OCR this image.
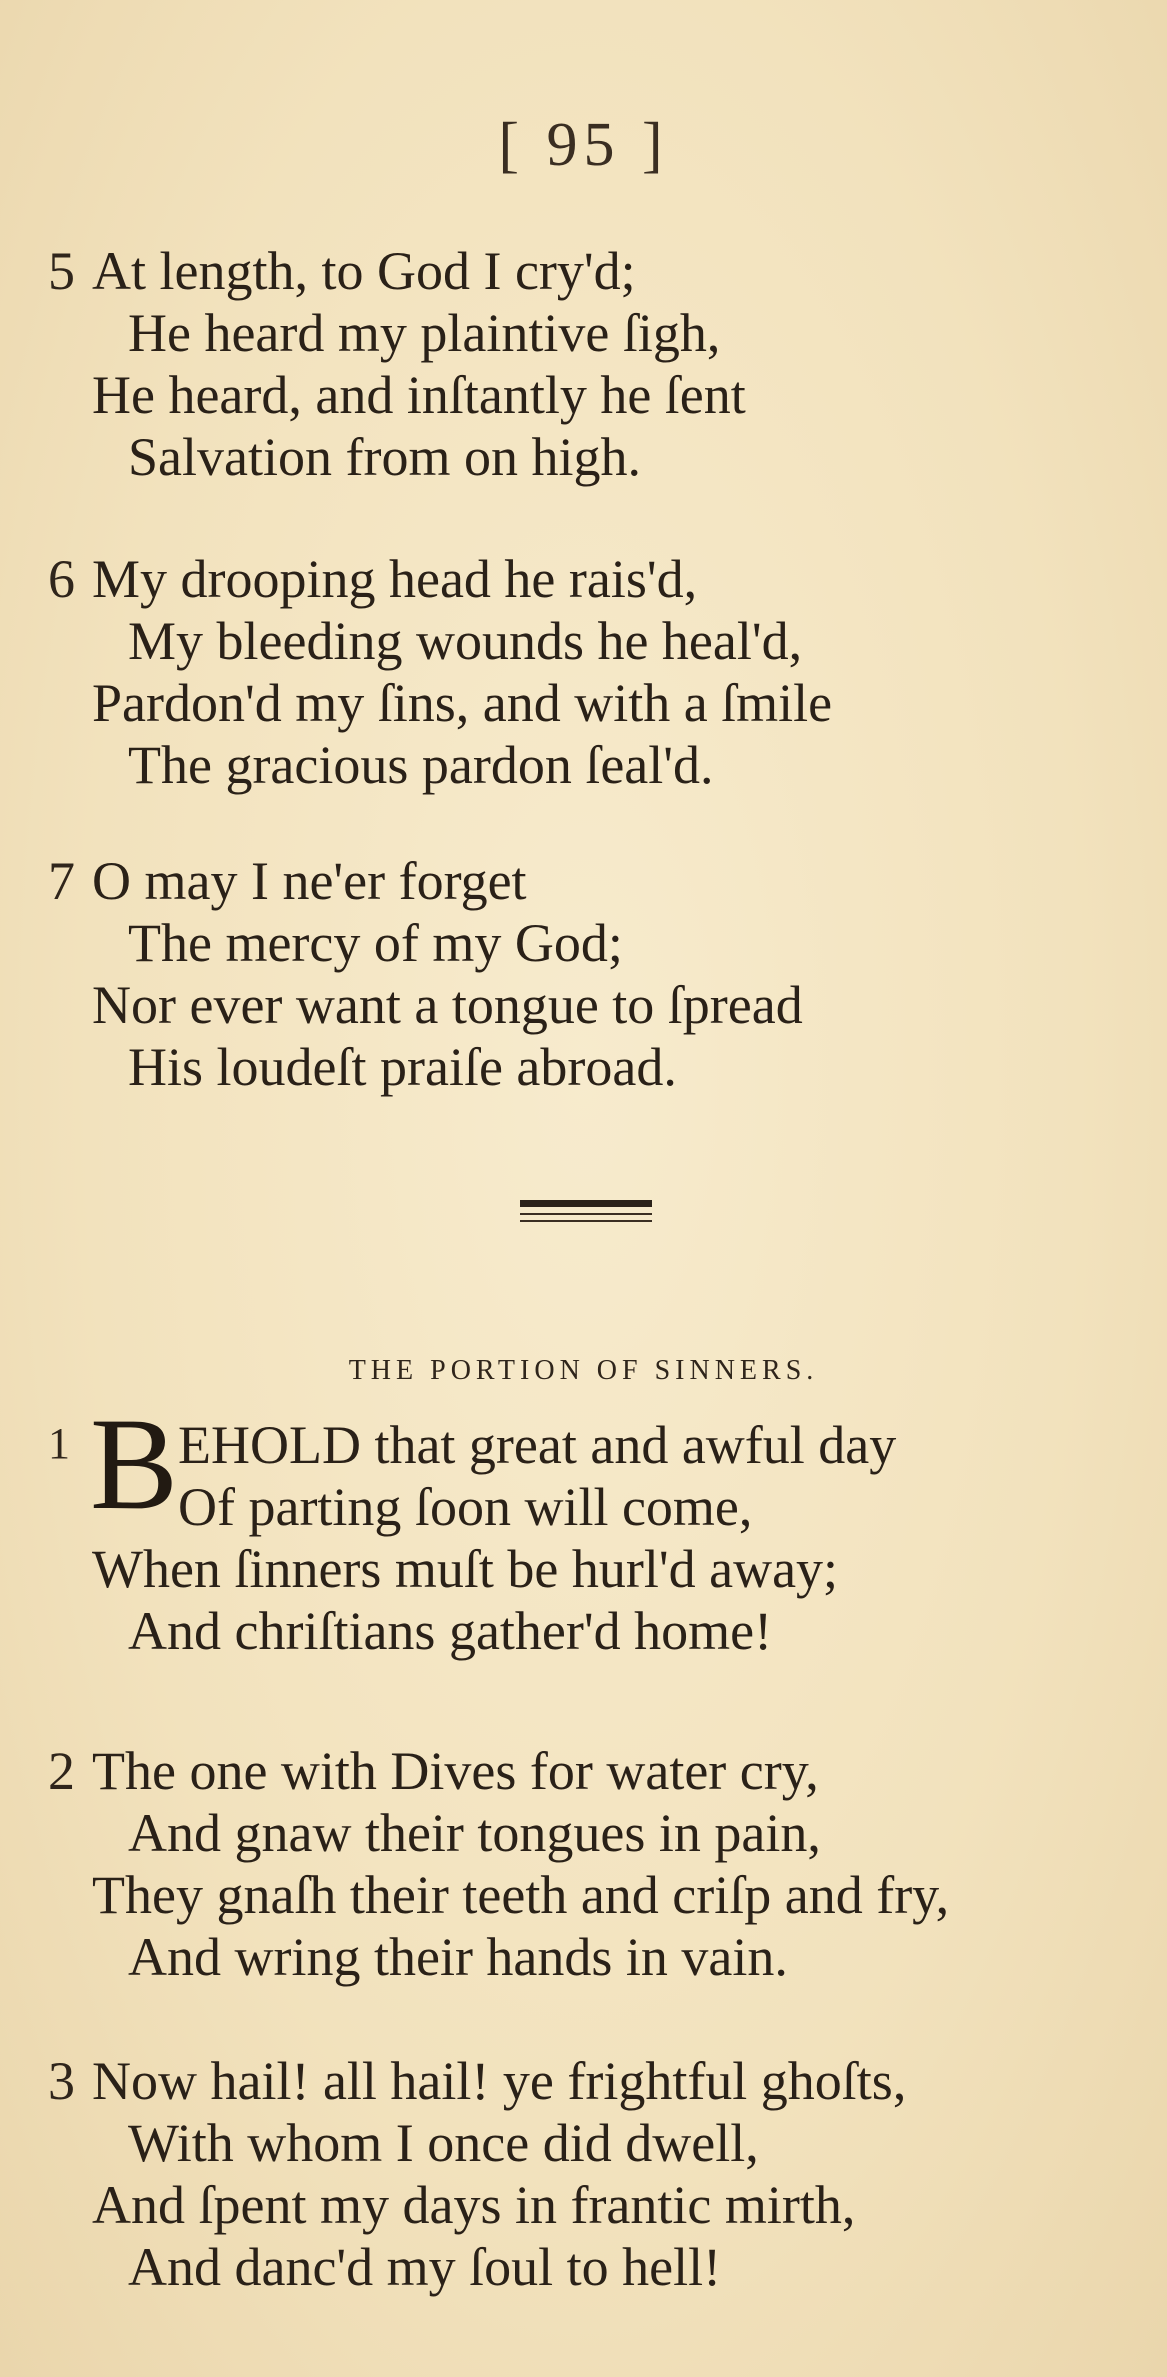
[ 95 ]
5 At length, to God I cry'd;
He heard my plaintive ſigh,
He heard, and inſtantly he ſent
Salvation from on high.
6 My drooping head he rais'd,
My bleeding wounds he heal'd,
Pardon'd my ſins, and with a ſmile
The gracious pardon ſeal'd.
7 O may I ne'er forget
The mercy of my God;
Nor ever want a tongue to ſpread
His loudeſt praiſe abroad.
THE PORTION OF SINNERS.
1 B EHOLD that great and awful day
Of parting ſoon will come,
When ſinners muſt be hurl'd away;
And chriſtians gather'd home!
2 The one with Dives for water cry,
And gnaw their tongues in pain,
They gnaſh their teeth and criſp and fry,
And wring their hands in vain.
3 Now hail! all hail! ye frightful ghoſts,
With whom I once did dwell,
And ſpent my days in frantic mirth,
And danc'd my ſoul to hell!
